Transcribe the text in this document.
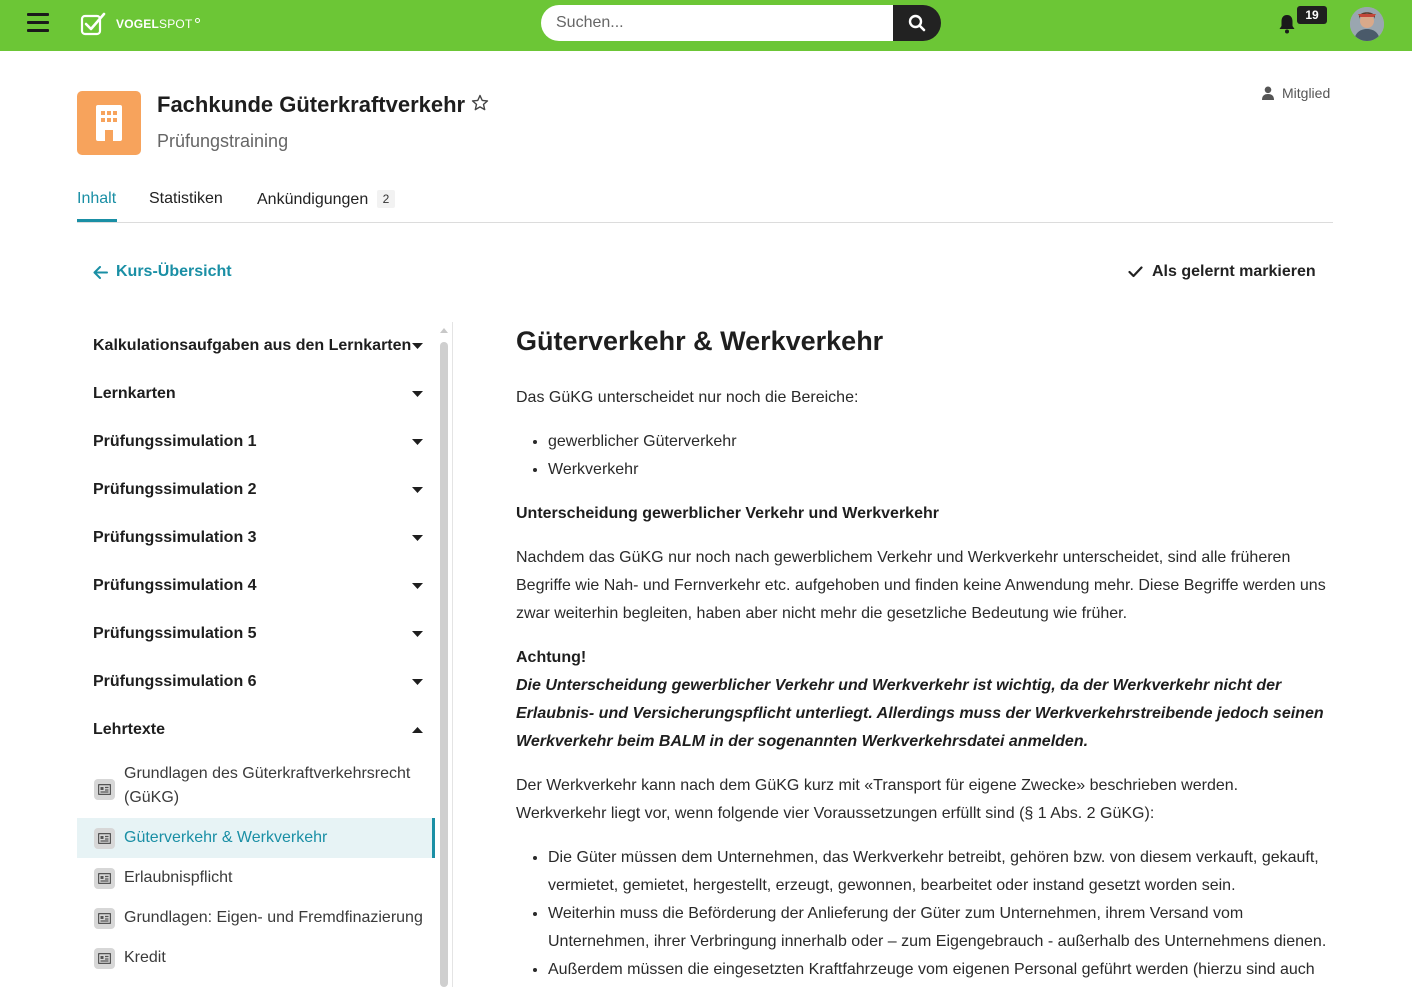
VOGELSPOT
Suchen...
19
Fachkunde Güterkraftverkehr
Prüfungstraining
Mitglied
Inhalt Statistiken Ankündigungen 2
Kurs-Übersicht	Als gelernt markieren
Kalkulationsaufgaben aus den Lernkarten
Lernkarten
Prüfungssimulation 1
Prüfungssimulation 2
Prüfungssimulation 3
Prüfungssimulation 4
Prüfungssimulation 5
Prüfungssimulation 6
Lehrtexte
Grundlagen des Güterkraftverkehrsrecht
(GüKG)
Güterverkehr & Werkverkehr
Erlaubnispflicht
Grundlagen: Eigen- und Fremdfinazierung
Kredit
Güterverkehr & Werkverkehr

Das GüKG unterscheidet nur noch die Bereiche:

• gewerblicher Güterverkehr
• Werkverkehr

Unterscheidung gewerblicher Verkehr und Werkverkehr

Nachdem das GüKG nur noch nach gewerblichem Verkehr und Werkverkehr unterscheidet, sind alle früheren Begriffe wie Nah- und Fernverkehr etc. aufgehoben und finden keine Anwendung mehr. Diese Begriffe werden uns zwar weiterhin begleiten, haben aber nicht mehr die gesetzliche Bedeutung wie früher.

Achtung!
Die Unterscheidung gewerblicher Verkehr und Werkverkehr ist wichtig, da der Werkverkehr nicht der Erlaubnis- und Versicherungspflicht unterliegt. Allerdings muss der Werkverkehrstreibende jedoch seinen Werkverkehr beim BALM in der sogenannten Werkverkehrsdatei anmelden.

Der Werkverkehr kann nach dem GüKG kurz mit «Transport für eigene Zwecke» beschrieben werden. Werkverkehr liegt vor, wenn folgende vier Voraussetzungen erfüllt sind (§ 1 Abs. 2 GüKG):

• Die Güter müssen dem Unternehmen, das Werkverkehr betreibt, gehören bzw. von diesem verkauft, gekauft, vermietet, gemietet, hergestellt, erzeugt, gewonnen, bearbeitet oder instand gesetzt worden sein.
• Weiterhin muss die Beförderung der Anlieferung der Güter zum Unternehmen, ihrem Versand vom Unternehmen, ihrer Verbringung innerhalb oder – zum Eigengebrauch - außerhalb des Unternehmens dienen.
• Außerdem müssen die eingesetzten Kraftfahrzeuge vom eigenen Personal geführt werden (hierzu sind auch
